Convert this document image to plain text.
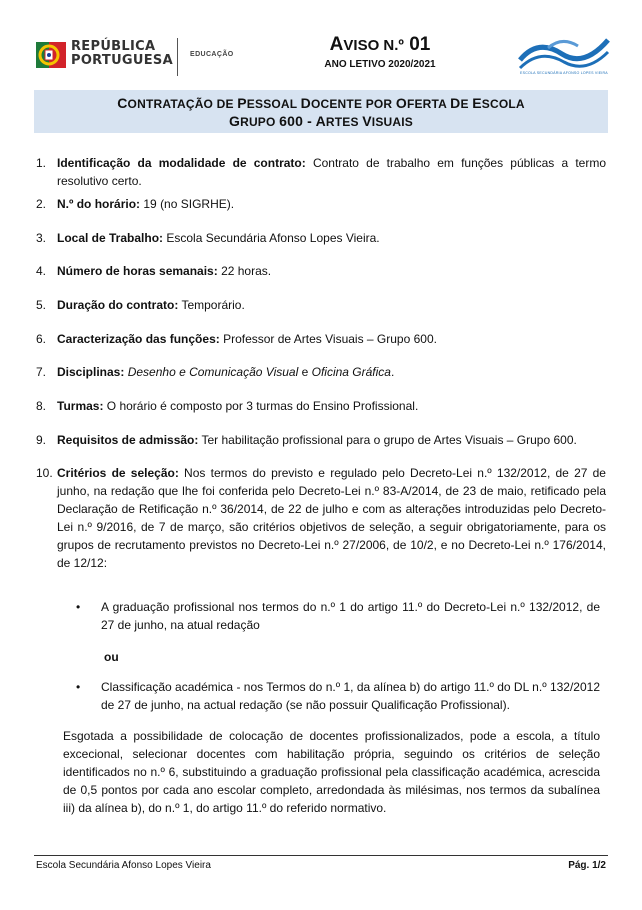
REPÚBLICA
PORTUGUESA EDUCAÇÃO	AVISO N.º 01
ANO LETIVO 2020/2021
ESCOLA SECUNDÁRIA AFONSO LOPES VIEIRA
CONTRATAÇÃO DE PESSOAL DOCENTE POR OFERTA DE ESCOLA
GRUPO 600 - ARTES VISUAIS
1. Identificação da modalidade de contrato: Contrato de trabalho em funções públicas a termo resolutivo certo.
2. N.º do horário: 19 (no SIGRHE).
3. Local de Trabalho: Escola Secundária Afonso Lopes Vieira.
4. Número de horas semanais: 22 horas.
5. Duração do contrato: Temporário.
6. Caracterização das funções: Professor de Artes Visuais – Grupo 600.
7. Disciplinas: Desenho e Comunicação Visual e Oficina Gráfica.
8. Turmas: O horário é composto por 3 turmas do Ensino Profissional.
9. Requisitos de admissão: Ter habilitação profissional para o grupo de Artes Visuais – Grupo 600.
10. Critérios de seleção: Nos termos do previsto e regulado pelo Decreto-Lei n.º 132/2012, de 27 de junho, na redação que lhe foi conferida pelo Decreto-Lei n.º 83-A/2014, de 23 de maio, retificado pela Declaração de Retificação n.º 36/2014, de 22 de julho e com as alterações introduzidas pelo Decreto-Lei n.º 9/2016, de 7 de março, são critérios objetivos de seleção, a seguir obrigatoriamente, para os grupos de recrutamento previstos no Decreto-Lei n.º 27/2006, de 10/2, e no Decreto-Lei n.º 176/2014, de 12/12:
•	A graduação profissional nos termos do n.º 1 do artigo 11.º do Decreto-Lei n.º 132/2012, de 27 de junho, na atual redação
•	Classificação académica - nos Termos do n.º 1, da alínea b) do artigo 11.º do DL n.º 132/2012 de 27 de junho, na actual redação (se não possuir Qualificação Profissional).
ou
Esgotada a possibilidade de colocação de docentes profissionalizados, pode a escola, a título excecional, selecionar docentes com habilitação própria, seguindo os critérios de seleção identificados no n.º 6, substituindo a graduação profissional pela classificação académica, acrescida de 0,5 pontos por cada ano escolar completo, arredondada às milésimas, nos termos da subalínea iii) da alínea b), do n.º 1, do artigo 11.º do referido normativo.
Escola Secundária Afonso Lopes Vieira	Pág. 1/2
